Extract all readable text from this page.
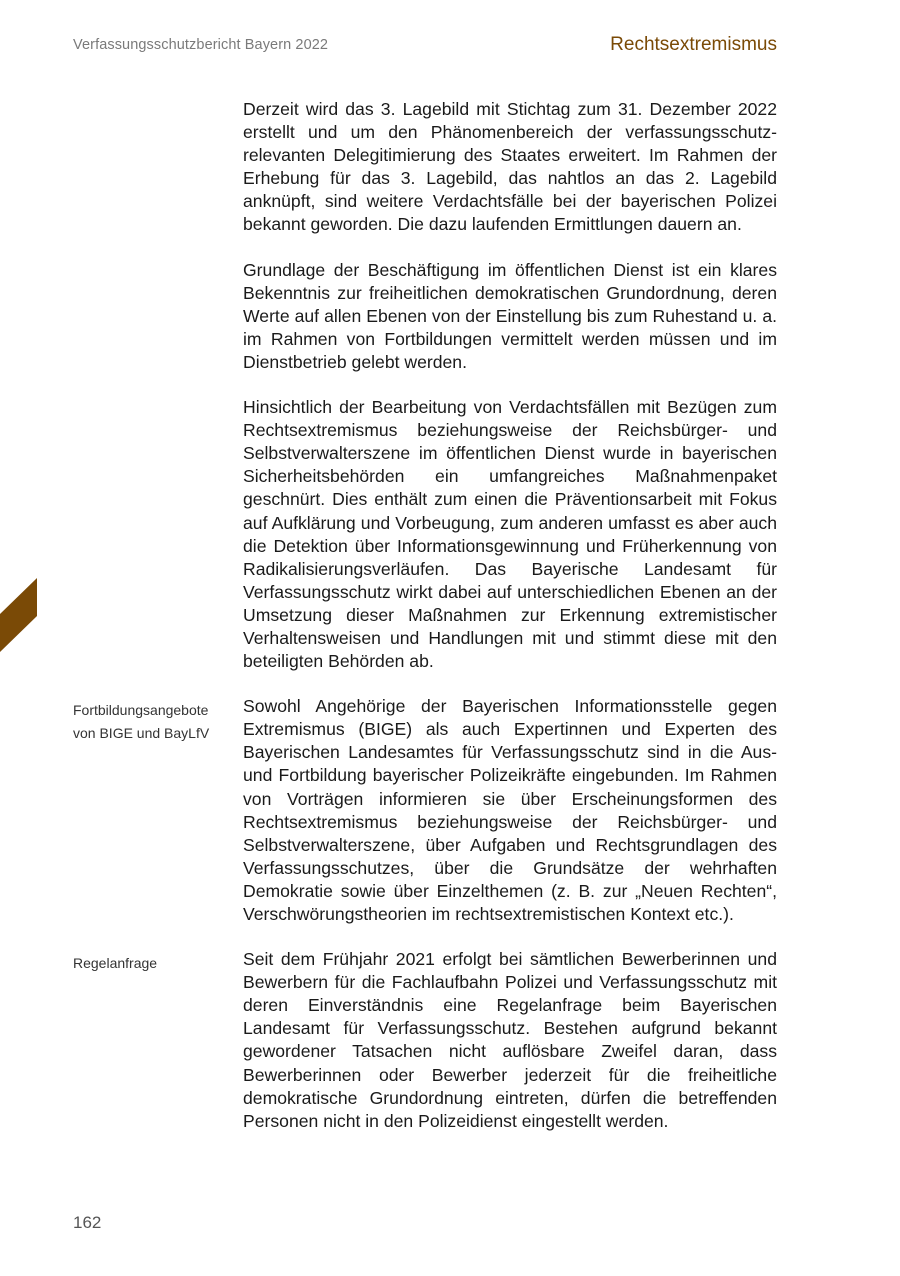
Verfassungsschutzbericht Bayern 2022	Rechtsextremismus

Derzeit wird das 3. Lagebild mit Stichtag zum 31. Dezember 2022 erstellt und um den Phänomenbereich der verfassungsschutzrelevanten Delegitimierung des Staates erweitert. Im Rahmen der Erhebung für das 3. Lagebild, das nahtlos an das 2. Lagebild anknüpft, sind weitere Verdachtsfälle bei der bayerischen Polizei bekannt geworden. Die dazu laufenden Ermittlungen dauern an.

Grundlage der Beschäftigung im öffentlichen Dienst ist ein klares Bekenntnis zur freiheitlichen demokratischen Grundordnung, deren Werte auf allen Ebenen von der Einstellung bis zum Ruhestand u. a. im Rahmen von Fortbildungen vermittelt werden müssen und im Dienstbetrieb gelebt werden.

Hinsichtlich der Bearbeitung von Verdachtsfällen mit Bezügen zum Rechtsextremismus beziehungsweise der Reichsbürger- und Selbstverwalterszene im öffentlichen Dienst wurde in bayerischen Sicherheitsbehörden ein umfangreiches Maßnahmenpaket geschnürt. Dies enthält zum einen die Präventionsarbeit mit Fokus auf Aufklärung und Vorbeugung, zum anderen umfasst es aber auch die Detektion über Informationsgewinnung und Früherkennung von Radikalisierungsverläufen. Das Bayerische Landesamt für Verfassungsschutz wirkt dabei auf unterschiedlichen Ebenen an der Umsetzung dieser Maßnahmen zur Erkennung extremistischer Verhaltensweisen und Handlungen mit und stimmt diese mit den beteiligten Behörden ab.

Fortbildungsangebote von BIGE und BayLfV

Sowohl Angehörige der Bayerischen Informationsstelle gegen Extremismus (BIGE) als auch Expertinnen und Experten des Bayerischen Landesamtes für Verfassungsschutz sind in die Aus- und Fortbildung bayerischer Polizeikräfte eingebunden. Im Rahmen von Vorträgen informieren sie über Erscheinungsformen des Rechtsextremismus beziehungsweise der Reichsbürger- und Selbstverwalterszene, über Aufgaben und Rechtsgrundlagen des Verfassungsschutzes, über die Grundsätze der wehrhaften Demokratie sowie über Einzelthemen (z. B. zur „Neuen Rechten“, Verschwörungstheorien im rechtsextremistischen Kontext etc.).

Regelanfrage	Seit dem Frühjahr 2021 erfolgt bei sämtlichen Bewerberinnen und Bewerbern für die Fachlaufbahn Polizei und Verfassungsschutz mit deren Einverständnis eine Regelanfrage beim Bayerischen Landesamt für Verfassungsschutz. Bestehen aufgrund bekannt gewordener Tatsachen nicht auflösbare Zweifel daran, dass Bewerberinnen oder Bewerber jederzeit für die freiheitliche demokratische Grundordnung eintreten, dürfen die betreffenden Personen nicht in den Polizeidienst eingestellt werden.

162
